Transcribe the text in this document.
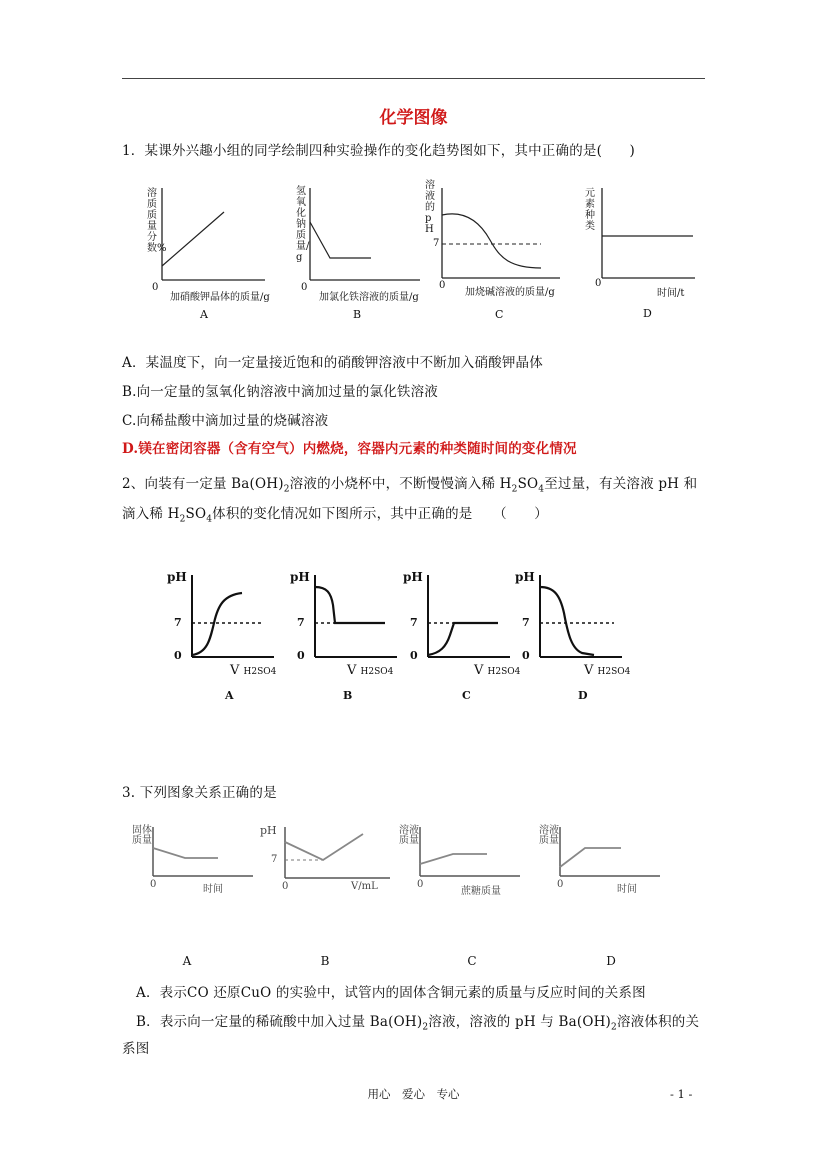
化学图像
1．某课外兴趣小组的同学绘制四种实验操作的变化趋势图如下，其中正确的是(　　)
溶质质量分数%
0
加硝酸钾晶体的质量/g
A
氢氧化钠质量/g
0
加氯化铁溶液的质量/g
B
溶液的pH
7
0
加烧碱溶液的质量/g
C
元素种类
0
时间/t
D
A．某温度下，向一定量接近饱和的硝酸钾溶液中不断加入硝酸钾晶体
B.向一定量的氢氧化钠溶液中滴加过量的氯化铁溶液
C.向稀盐酸中滴加过量的烧碱溶液
D.镁在密闭容器（含有空气）内燃烧，容器内元素的种类随时间的变化情况
2、向装有一定量 $Ba(OH)_2$溶液的小烧杯中，不断慢慢滴入稀 $H_2SO_4$至过量，有关溶液 pH 和
滴入稀 $H_2SO_4$体积的变化情况如下图所示，其中正确的是　　（　　）
pH
7
0
V H2SO4
A
pH
7
0
V H2SO4
B
pH
7
0
V H2SO4
C
pH
7
0
V H2SO4
D
3. 下列图象关系正确的是
固体质量
0	时间
pH
7
0	V/mL
溶液质量
0
蔗糖质量
溶液质量
0	时间
A	B	C	D
A．表示CO 还原CuO 的实验中，试管内的固体含铜元素的质量与反应时间的关系图
B．表示向一定量的稀硫酸中加入过量 $Ba(OH)_2$溶液，溶液的 pH 与 $Ba(OH)_2$溶液体积的关
系图
用心　爱心　专心	- 1 -
